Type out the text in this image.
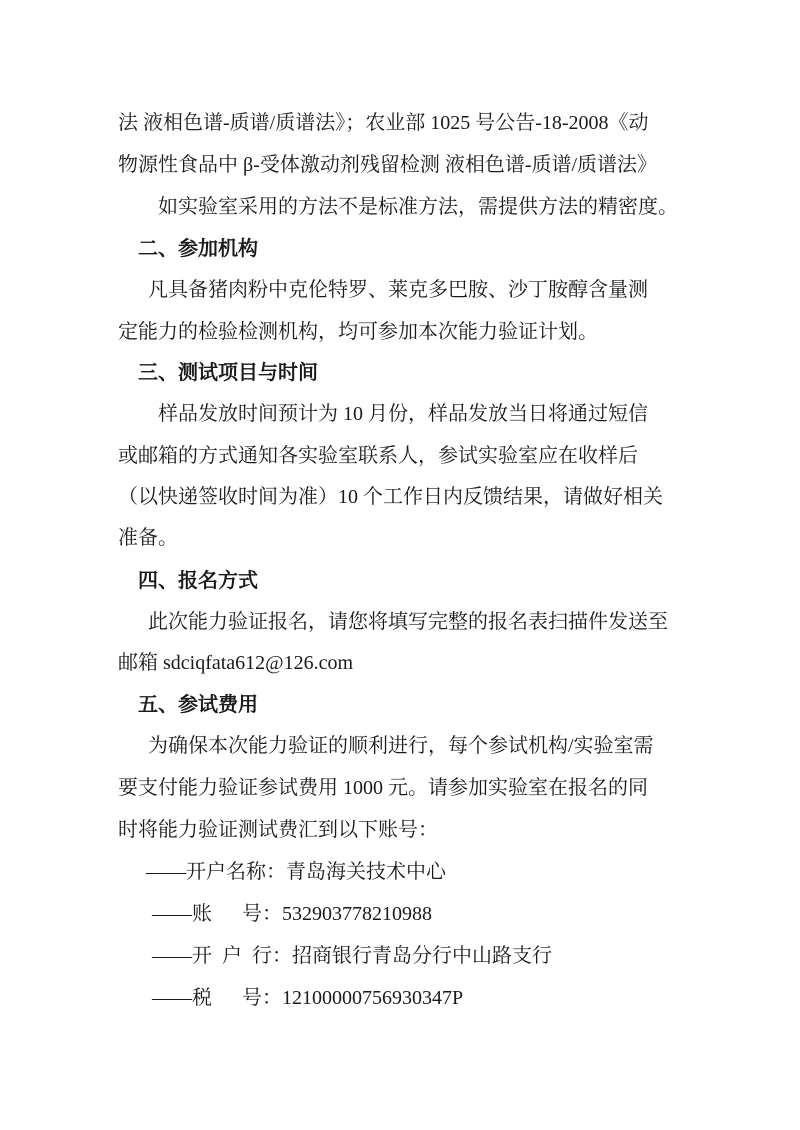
法 液相色谱-质谱/质谱法》；农业部 1025 号公告-18-2008《动
物源性食品中 β-受体激动剂残留检测 液相色谱-质谱/质谱法》
如实验室采用的方法不是标准方法，需提供方法的精密度。
二、参加机构
凡具备猪肉粉中克伦特罗、莱克多巴胺、沙丁胺醇含量测
定能力的检验检测机构，均可参加本次能力验证计划。
三、测试项目与时间
样品发放时间预计为 10 月份，样品发放当日将通过短信
或邮箱的方式通知各实验室联系人，参试实验室应在收样后
（以快递签收时间为准）10 个工作日内反馈结果，请做好相关
准备。
四、报名方式
此次能力验证报名，请您将填写完整的报名表扫描件发送至
邮箱 sdciqfata612@126.com
五、参试费用
为确保本次能力验证的顺利进行，每个参试机构/实验室需
要支付能力验证参试费用 1000 元。请参加实验室在报名的同
时将能力验证测试费汇到以下账号：
——开户名称：青岛海关技术中心
——账      号：532903778210988
——开  户  行：招商银行青岛分行中山路支行
——税      号：12100000756930347P
